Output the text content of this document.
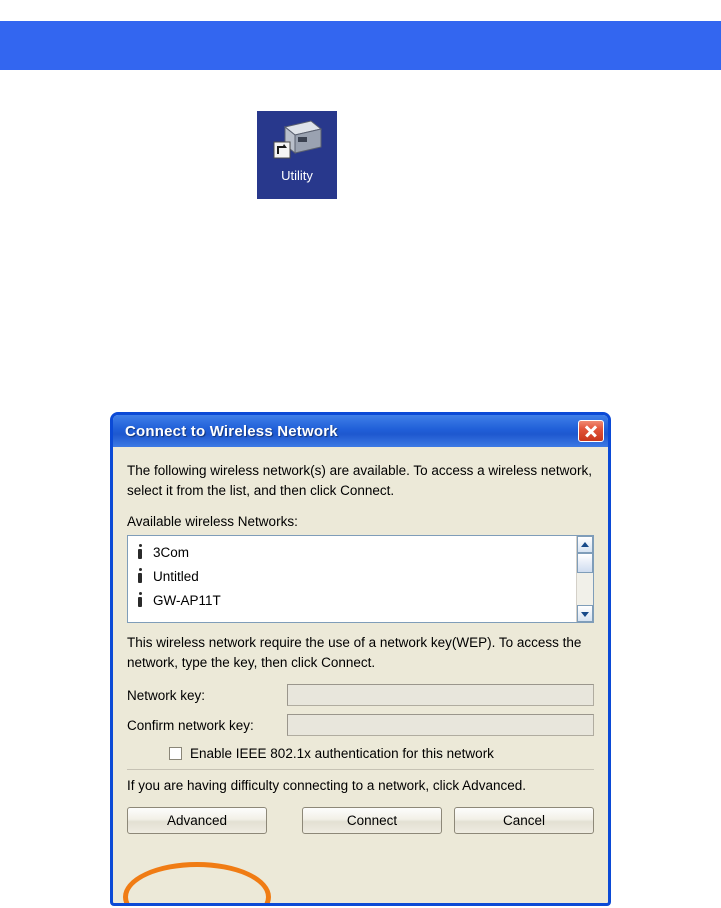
Utility
Connect to Wireless Network

The following wireless network(s) are available. To access a wireless network, select it from the list, and then click Connect.

Available wireless Networks:
3Com
Untitled
GW-AP11T

This wireless network require the use of a network key(WEP). To access the network, type the key, then click Connect.

Network key:
Confirm network key:
Enable IEEE 802.1x authentication for this network
If you are having difficulty connecting to a network, click Advanced.
Advanced	Connect	Cancel
